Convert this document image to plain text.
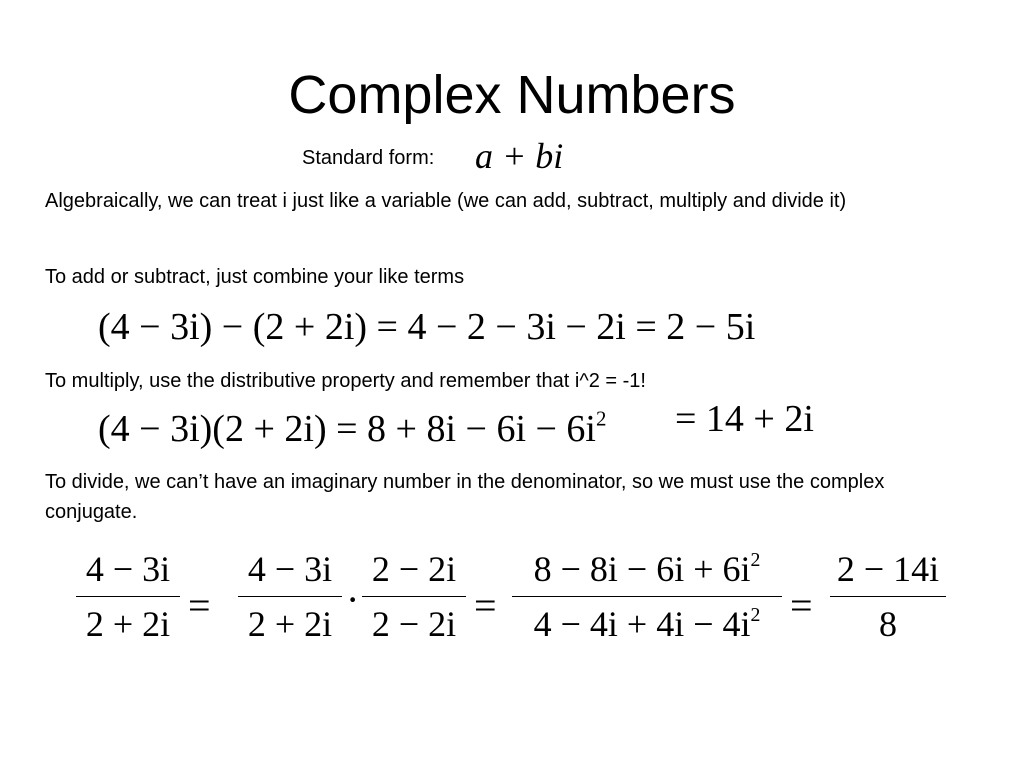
Complex Numbers
Standard form: a + bi
Algebraically, we can treat i just like a variable (we can add, subtract, multiply and divide it)
To add or subtract, just combine your like terms
(4 − 3i) − (2 + 2i) = 4 − 2 − 3i − 2i = 2 − 5i
To multiply, use the distributive property and remember that i^2 = -1!
$(4 - 3i)(2 + 2i) = 8 + 8i - 6i - 6i^2 = 14 + 2i$
To divide, we can’t have an imaginary number in the denominator, so we must use the complex conjugate.
4 − 3i
2 + 2i =
4 − 3i
2 + 2i
·
2 − 2i
2 − 2i =
$8 - 8i - 6i + 6i^2$
$4 - 4i + 4i - 4i^2$ =
2 − 14i
8
